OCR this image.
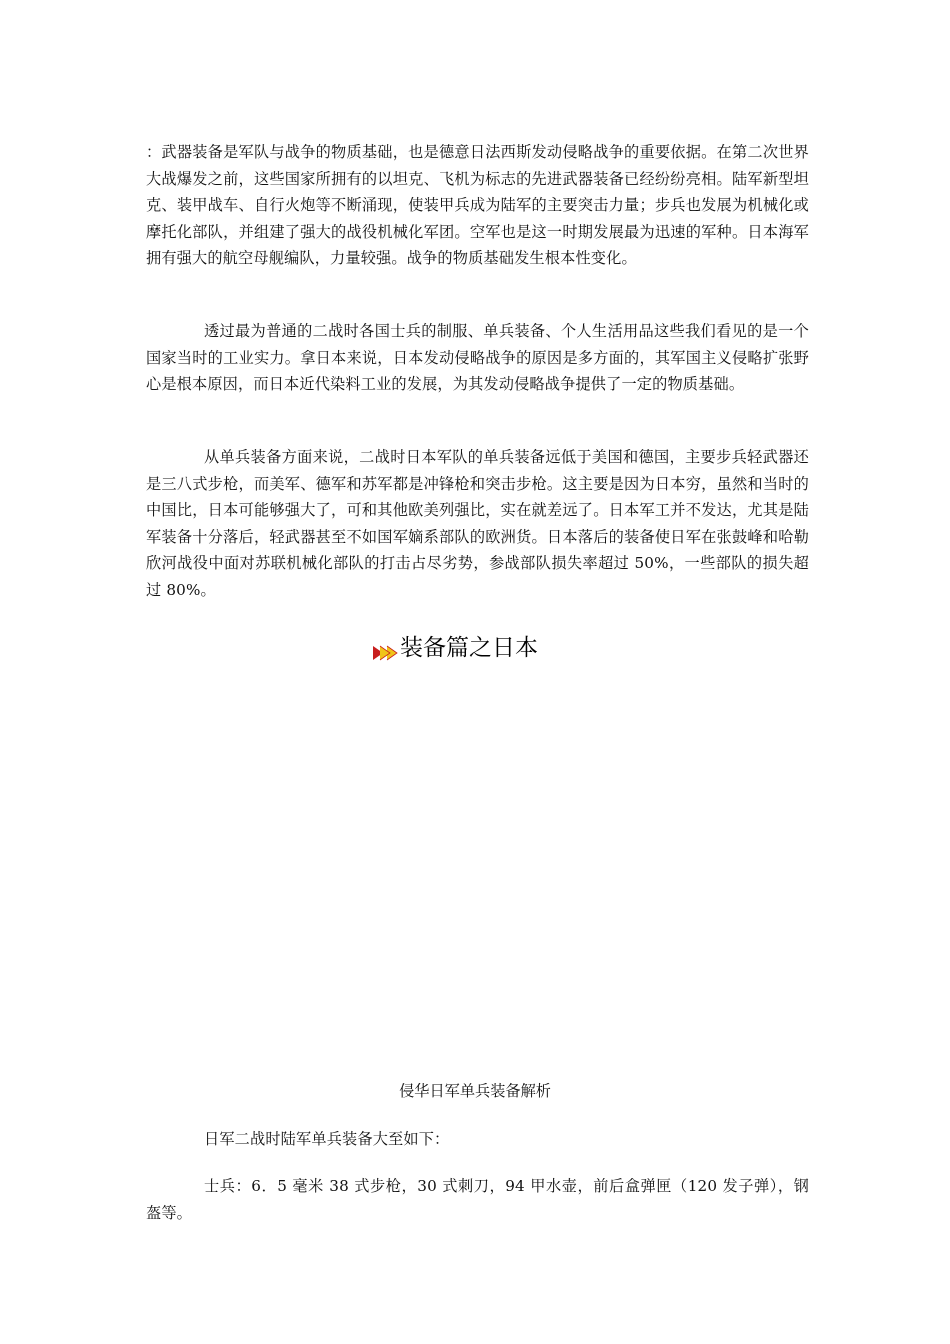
：武器装备是军队与战争的物质基础，也是德意日法西斯发动侵略战争的重要依据。在第二次世界大战爆发之前，这些国家所拥有的以坦克、飞机为标志的先进武器装备已经纷纷亮相。陆军新型坦克、装甲战车、自行火炮等不断涌现，使装甲兵成为陆军的主要突击力量；步兵也发展为机械化或摩托化部队，并组建了强大的战役机械化军团。空军也是这一时期发展最为迅速的军种。日本海军拥有强大的航空母舰编队，力量较强。战争的物质基础发生根本性变化。

透过最为普通的二战时各国士兵的制服、单兵装备、个人生活用品这些我们看见的是一个国家当时的工业实力。拿日本来说，日本发动侵略战争的原因是多方面的，其军国主义侵略扩张野心是根本原因，而日本近代染料工业的发展，为其发动侵略战争提供了一定的物质基础。

从单兵装备方面来说，二战时日本军队的单兵装备远低于美国和德国，主要步兵轻武器还是三八式步枪，而美军、德军和苏军都是冲锋枪和突击步枪。这主要是因为日本穷，虽然和当时的中国比，日本可能够强大了，可和其他欧美列强比，实在就差远了。日本军工并不发达，尤其是陆军装备十分落后，轻武器甚至不如国军嫡系部队的欧洲货。日本落后的装备使日军在张鼓峰和哈勒欣河战役中面对苏联机械化部队的打击占尽劣势，参战部队损失率超过 50%，一些部队的损失超过 80%。

装备篇之日本
侵华日军单兵装备解析

日军二战时陆军单兵装备大至如下：

士兵：6．5 毫米 38 式步枪，30 式刺刀，94 甲水壶，前后盒弹匣（120 发子弹），钢盔等。
